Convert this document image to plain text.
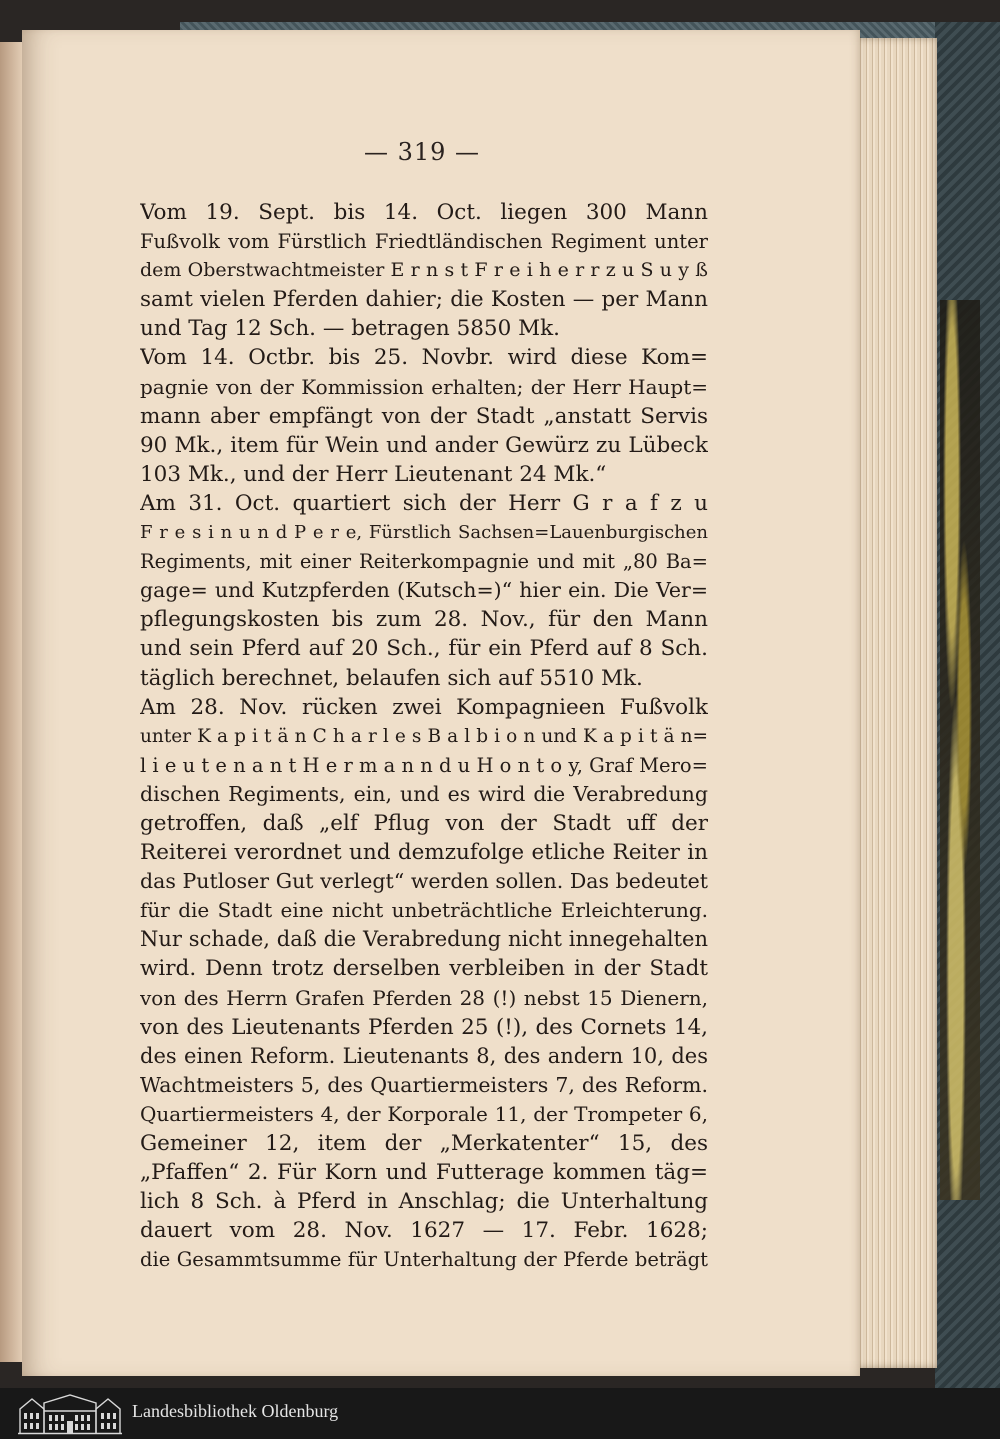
— 319 —
Vom 19. Sept. bis 14. Oct. liegen 300 Mann
Fußvolk vom Fürstlich Friedtländischen Regiment unter
dem Oberstwachtmeister E r n s t F r e i h e r r z u S u y ß
samt vielen Pferden dahier; die Kosten — per Mann
und Tag 12 Sch. — betragen 5850 Mk.
Vom 14. Octbr. bis 25. Novbr. wird diese Kom=
pagnie von der Kommission erhalten; der Herr Haupt=
mann aber empfängt von der Stadt „anstatt Servis
90 Mk., item für Wein und ander Gewürz zu Lübeck
103 Mk., und der Herr Lieutenant 24 Mk.“
Am 31. Oct. quartiert sich der Herr G r a f z u
F r e s i n u n d P e r e, Fürstlich Sachsen=Lauenburgischen
Regiments, mit einer Reiterkompagnie und mit „80 Ba=
gage= und Kutzpferden (Kutsch=)“ hier ein. Die Ver=
pflegungskosten bis zum 28. Nov., für den Mann
und sein Pferd auf 20 Sch., für ein Pferd auf 8 Sch.
täglich berechnet, belaufen sich auf 5510 Mk.
Am 28. Nov. rücken zwei Kompagnieen Fußvolk
unter K a p i t ä n C h a r l e s B a l b i o n und K a p i t ä n=
l i e u t e n a n t H e r m a n n d u H o n t o y, Graf Mero=
dischen Regiments, ein, und es wird die Verabredung
getroffen, daß „elf Pflug von der Stadt uff der
Reiterei verordnet und demzufolge etliche Reiter in
das Putloser Gut verlegt“ werden sollen. Das bedeutet
für die Stadt eine nicht unbeträchtliche Erleichterung.
Nur schade, daß die Verabredung nicht innegehalten
wird. Denn trotz derselben verbleiben in der Stadt
von des Herrn Grafen Pferden 28 (!) nebst 15 Dienern,
von des Lieutenants Pferden 25 (!), des Cornets 14,
des einen Reform. Lieutenants 8, des andern 10, des
Wachtmeisters 5, des Quartiermeisters 7, des Reform.
Quartiermeisters 4, der Korporale 11, der Trompeter 6,
Gemeiner 12, item der „Merkatenter“ 15, des
„Pfaffen“ 2. Für Korn und Futterage kommen täg=
lich 8 Sch. à Pferd in Anschlag; die Unterhaltung
dauert vom 28. Nov. 1627 — 17. Febr. 1628;
die Gesammtsumme für Unterhaltung der Pferde beträgt
Landesbibliothek Oldenburg
